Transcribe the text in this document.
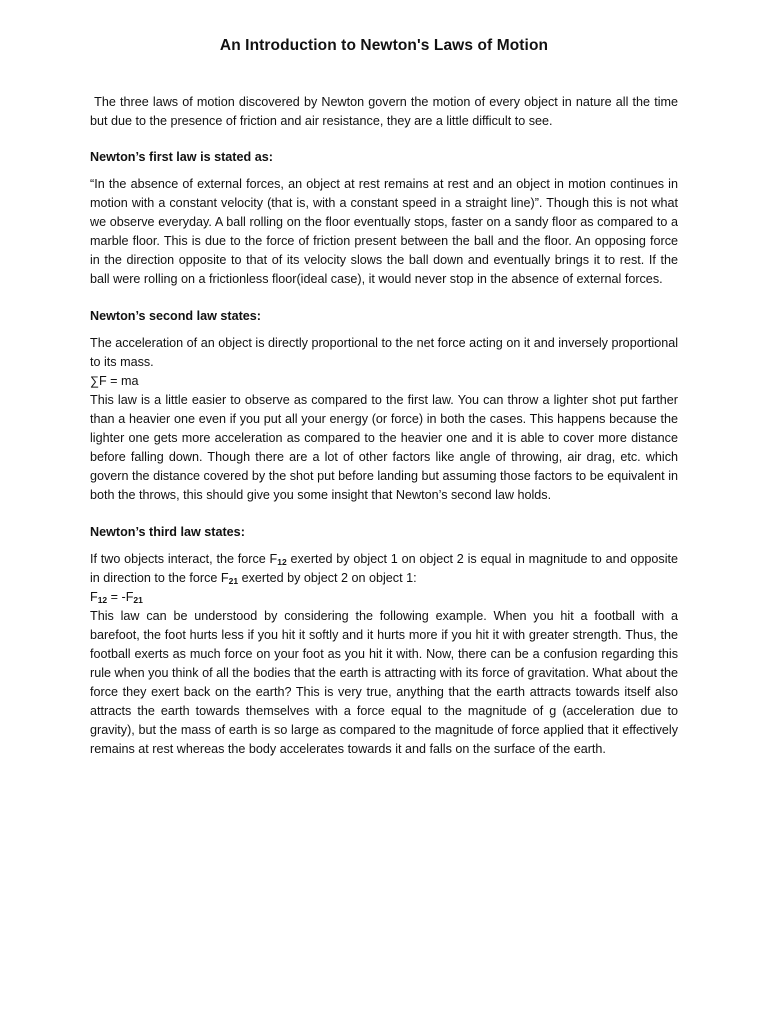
An Introduction to Newton's Laws of Motion

The three laws of motion discovered by Newton govern the motion of every object in nature all the time but due to the presence of friction and air resistance, they are a little difficult to see.

Newton’s first law is stated as:

“In the absence of external forces, an object at rest remains at rest and an object in motion continues in motion with a constant velocity (that is, with a constant speed in a straight line)”. Though this is not what we observe everyday. A ball rolling on the floor eventually stops, faster on a sandy floor as compared to a marble floor. This is due to the force of friction present between the ball and the floor. An opposing force in the direction opposite to that of its velocity slows the ball down and eventually brings it to rest. If the ball were rolling on a frictionless floor(ideal case), it would never stop in the absence of external forces.

Newton’s second law states:

The acceleration of an object is directly proportional to the net force acting on it and inversely proportional to its mass.

∑F = ma

This law is a little easier to observe as compared to the first law. You can throw a lighter shot put farther than a heavier one even if you put all your energy (or force) in both the cases. This happens because the lighter one gets more acceleration as compared to the heavier one and it is able to cover more distance before falling down. Though there are a lot of other factors like angle of throwing, air drag, etc. which govern the distance covered by the shot put before landing but assuming those factors to be equivalent in both the throws, this should give you some insight that Newton’s second law holds.

Newton’s third law states:

If two objects interact, the force $F_{12}$ exerted by object 1 on object 2 is equal in magnitude to and opposite in direction to the force $F_{21}$ exerted by object 2 on object 1:

$F_{12} = -F_{21}$

This law can be understood by considering the following example. When you hit a football with a barefoot, the foot hurts less if you hit it softly and it hurts more if you hit it with greater strength. Thus, the football exerts as much force on your foot as you hit it with. Now, there can be a confusion regarding this rule when you think of all the bodies that the earth is attracting with its force of gravitation. What about the force they exert back on the earth? This is very true, anything that the earth attracts towards itself also attracts the earth towards themselves with a force equal to the magnitude of g (acceleration due to gravity), but the mass of earth is so large as compared to the magnitude of force applied that it effectively remains at rest whereas the body accelerates towards it and falls on the surface of the earth.
